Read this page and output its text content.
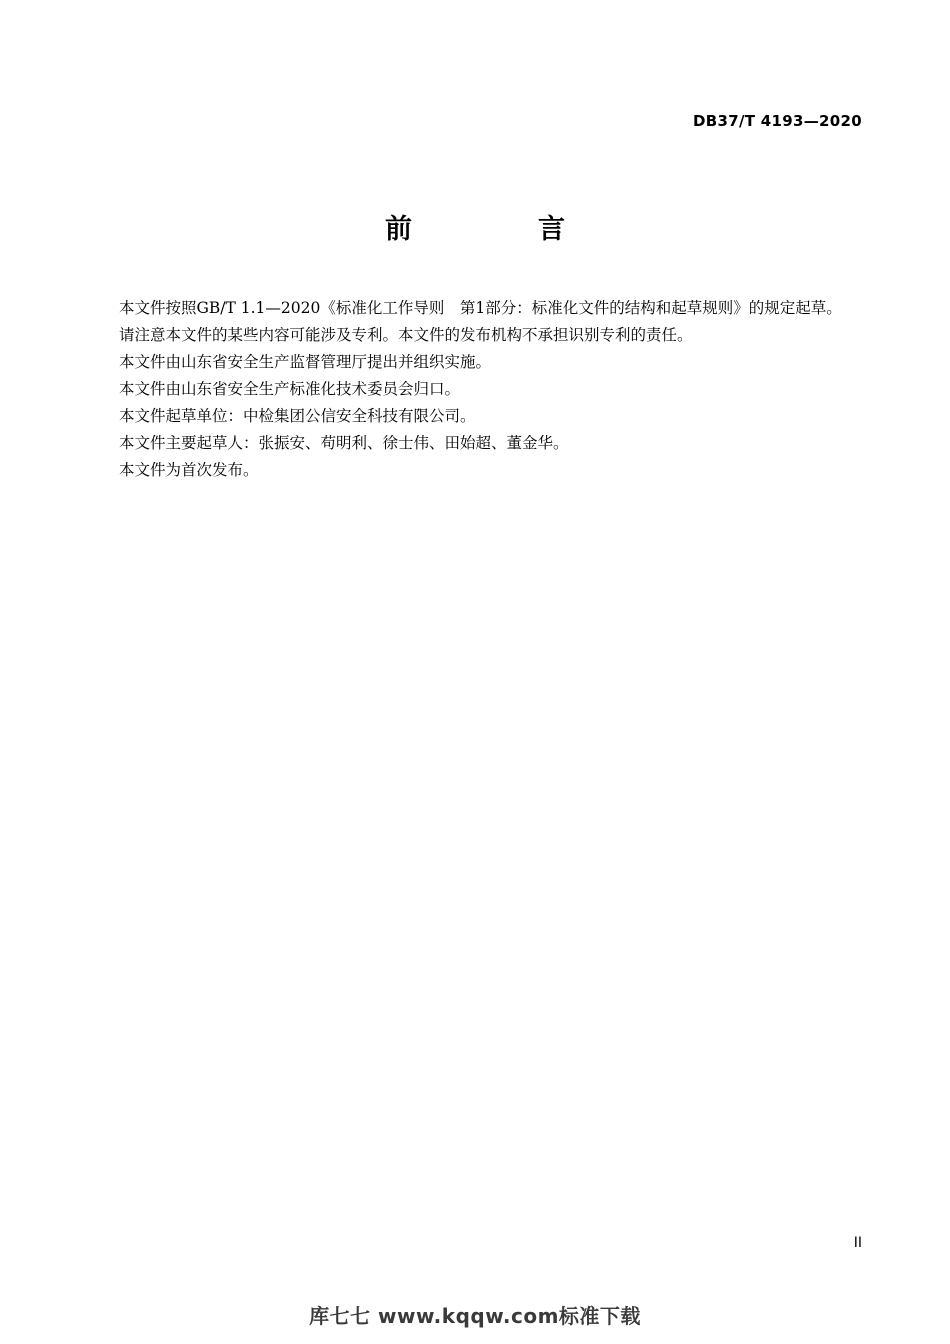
DB37/T 4193—2020
前　　言

本文件按照GB/T 1.1—2020《标准化工作导则　第1部分：标准化文件的结构和起草规则》的规定起草。

请注意本文件的某些内容可能涉及专利。本文件的发布机构不承担识别专利的责任。

本文件由山东省安全生产监督管理厅提出并组织实施。

本文件由山东省安全生产标准化技术委员会归口。

本文件起草单位：中检集团公信安全科技有限公司。

本文件主要起草人：张振安、苟明利、徐士伟、田始超、董金华。

本文件为首次发布。

II
库七七 www.kqqw.com标准下载
